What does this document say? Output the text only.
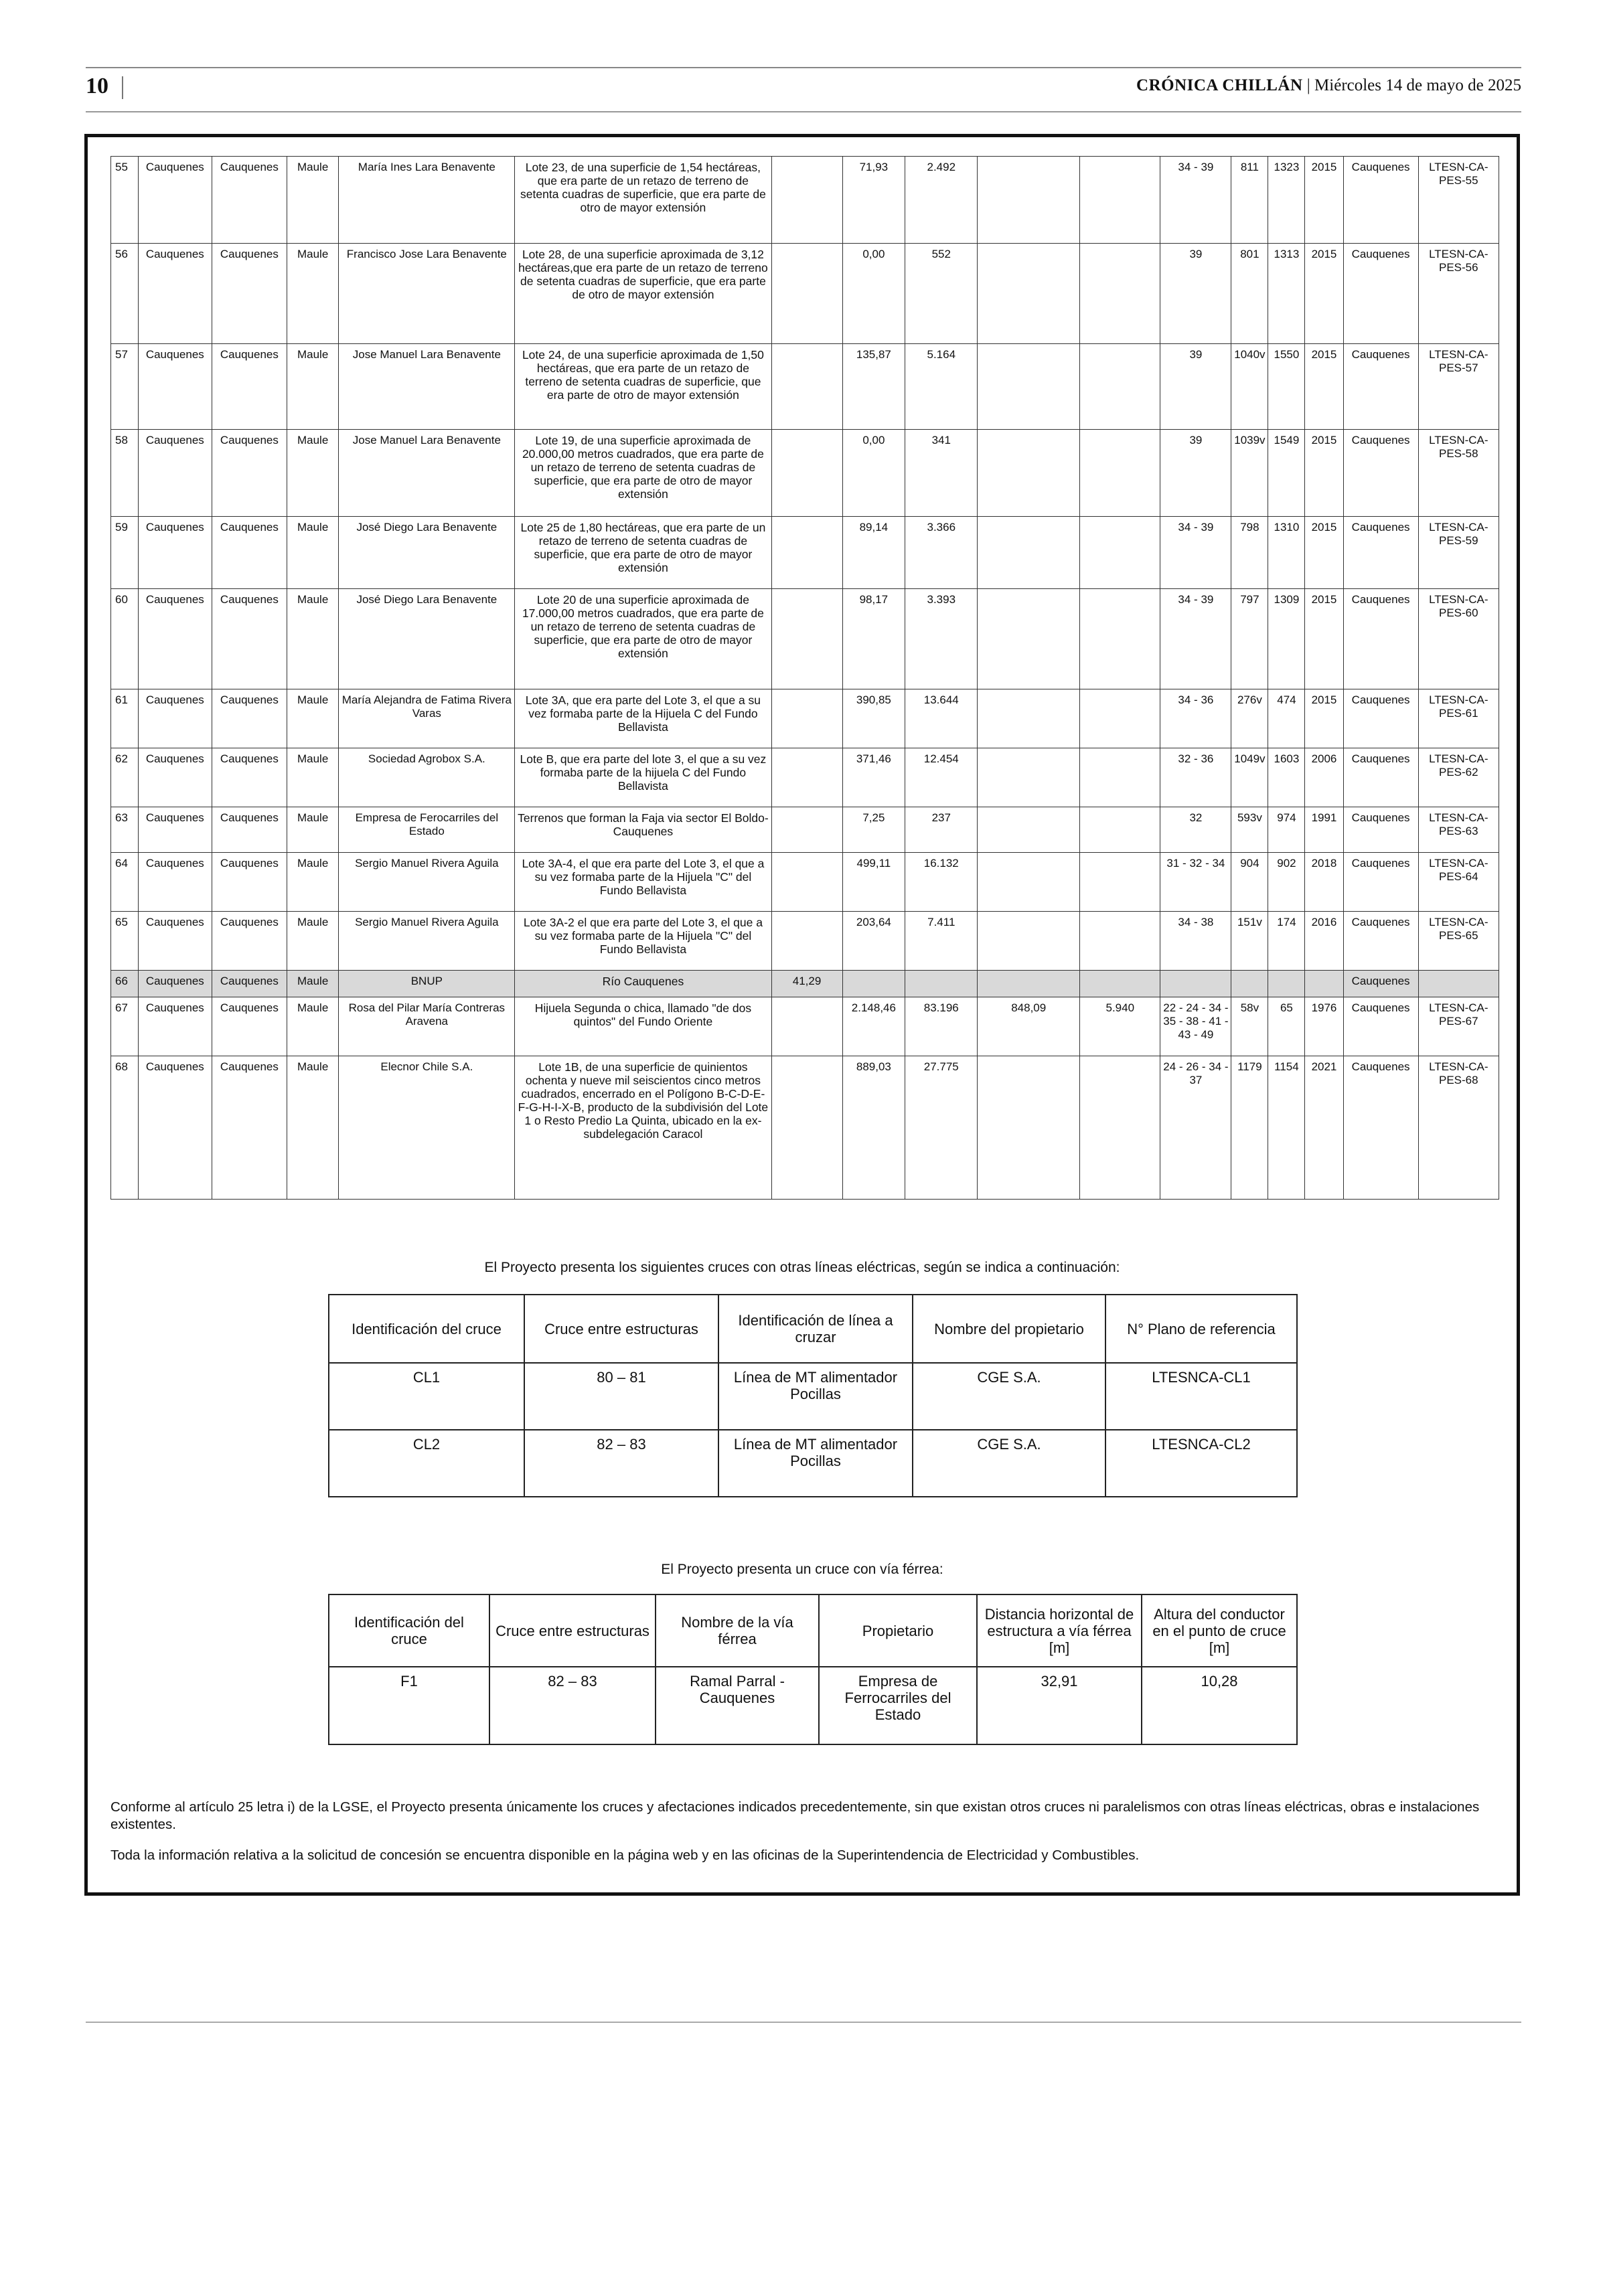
10	CRÓNICA CHILLÁN | Miércoles 14 de mayo de 2025
55	Cauquenes	Cauquenes	Maule	María Ines Lara Benavente	Lote 23, de una superficie de 1,54 hectáreas, que era parte de un retazo de terreno de setenta cuadras de superficie, que era parte de otro de mayor extensión		71,93	2.492			34 - 39	811	1323	2015	Cauquenes	LTESN-CA-PES-55
56	Cauquenes	Cauquenes	Maule	Francisco Jose Lara Benavente	Lote 28, de una superficie aproximada de 3,12 hectáreas,que era parte de un retazo de terreno de setenta cuadras de superficie, que era parte de otro de mayor extensión		0,00	552			39	801	1313	2015	Cauquenes	LTESN-CA-PES-56
57	Cauquenes	Cauquenes	Maule	Jose Manuel Lara Benavente	Lote 24, de una superficie aproximada de 1,50 hectáreas, que era parte de un retazo de terreno de setenta cuadras de superficie, que era parte de otro de mayor extensión		135,87	5.164			39	1040v	1550	2015	Cauquenes	LTESN-CA-PES-57
58	Cauquenes	Cauquenes	Maule	Jose Manuel Lara Benavente	Lote 19, de una superficie aproximada de 20.000,00 metros cuadrados, que era parte de un retazo de terreno de setenta cuadras de superficie, que era parte de otro de mayor extensión		0,00	341			39	1039v	1549	2015	Cauquenes	LTESN-CA-PES-58
59	Cauquenes	Cauquenes	Maule	José Diego Lara Benavente	Lote 25 de 1,80 hectáreas, que era parte de un retazo de terreno de setenta cuadras de superficie, que era parte de otro de mayor extensión		89,14	3.366			34 - 39	798	1310	2015	Cauquenes	LTESN-CA-PES-59
60	Cauquenes	Cauquenes	Maule	José Diego Lara Benavente	Lote 20 de una superficie aproximada de 17.000,00 metros cuadrados, que era parte de un retazo de terreno de setenta cuadras de superficie, que era parte de otro de mayor extensión		98,17	3.393			34 - 39	797	1309	2015	Cauquenes	LTESN-CA-PES-60
61	Cauquenes	Cauquenes	Maule	María Alejandra de Fatima Rivera Varas	Lote 3A, que era parte del Lote 3, el que a su vez formaba parte de la Hijuela C del Fundo Bellavista		390,85	13.644			34 - 36	276v	474	2015	Cauquenes	LTESN-CA-PES-61
62	Cauquenes	Cauquenes	Maule	Sociedad Agrobox S.A.	Lote B, que era parte del lote 3, el que a su vez formaba parte de la hijuela C del Fundo Bellavista		371,46	12.454			32 - 36	1049v	1603	2006	Cauquenes	LTESN-CA-PES-62
63	Cauquenes	Cauquenes	Maule	Empresa de Ferocarriles del Estado	Terrenos que forman la Faja via sector El Boldo- Cauquenes		7,25	237			32	593v	974	1991	Cauquenes	LTESN-CA-PES-63
64	Cauquenes	Cauquenes	Maule	Sergio Manuel Rivera Aguila	Lote 3A-4, el que era parte del Lote 3, el que a su vez formaba parte de la Hijuela "C" del Fundo Bellavista		499,11	16.132			31 - 32 - 34	904	902	2018	Cauquenes	LTESN-CA-PES-64
65	Cauquenes	Cauquenes	Maule	Sergio Manuel Rivera Aguila	Lote 3A-2 el que era parte del Lote 3, el que a su vez formaba parte de la Hijuela "C" del Fundo Bellavista		203,64	7.411			34 - 38	151v	174	2016	Cauquenes	LTESN-CA-PES-65
66	Cauquenes	Cauquenes	Maule	BNUP	Río Cauquenes	41,29									Cauquenes	
67	Cauquenes	Cauquenes	Maule	Rosa del Pilar María Contreras Aravena	Hijuela Segunda o chica, llamado "de dos quintos" del Fundo Oriente		2.148,46	83.196	848,09	5.940	22 - 24 - 34 - 35 - 38 - 41 - 43 - 49	58v	65	1976	Cauquenes	LTESN-CA-PES-67
68	Cauquenes	Cauquenes	Maule	Elecnor Chile S.A.	Lote 1B, de una superficie de quinientos ochenta y nueve mil seiscientos cinco metros cuadrados, encerrado en el Polígono B-C-D-E-F-G-H-I-X-B, producto de la subdivisión del Lote 1 o Resto Predio La Quinta, ubicado en la ex-subdelegación Caracol		889,03	27.775			24 - 26 - 34 - 37	1179	1154	2021	Cauquenes	LTESN-CA-PES-68
El Proyecto presenta los siguientes cruces con otras líneas eléctricas, según se indica a continuación:
Identificación del cruce	Cruce entre estructuras	Identificación de línea a cruzar	Nombre del propietario	N° Plano de referencia
CL1	80 – 81	Línea de MT alimentador Pocillas	CGE S.A.	LTESNCA-CL1
CL2	82 – 83	Línea de MT alimentador Pocillas	CGE S.A.	LTESNCA-CL2
El Proyecto presenta un cruce con vía férrea:
Identificación del cruce	Cruce entre estructuras	Nombre de la vía férrea	Propietario	Distancia horizontal de estructura a vía férrea [m]	Altura del conductor en el punto de cruce [m]
F1	82 – 83	Ramal Parral - Cauquenes	Empresa de Ferrocarriles del Estado	32,91	10,28

Conforme al artículo 25 letra i) de la LGSE, el Proyecto presenta únicamente los cruces y afectaciones indicados precedentemente, sin que existan otros cruces ni paralelismos con otras líneas eléctricas, obras e instalaciones existentes.

Toda la información relativa a la solicitud de concesión se encuentra disponible en la página web y en las oficinas de la Superintendencia de Electricidad y Combustibles.
